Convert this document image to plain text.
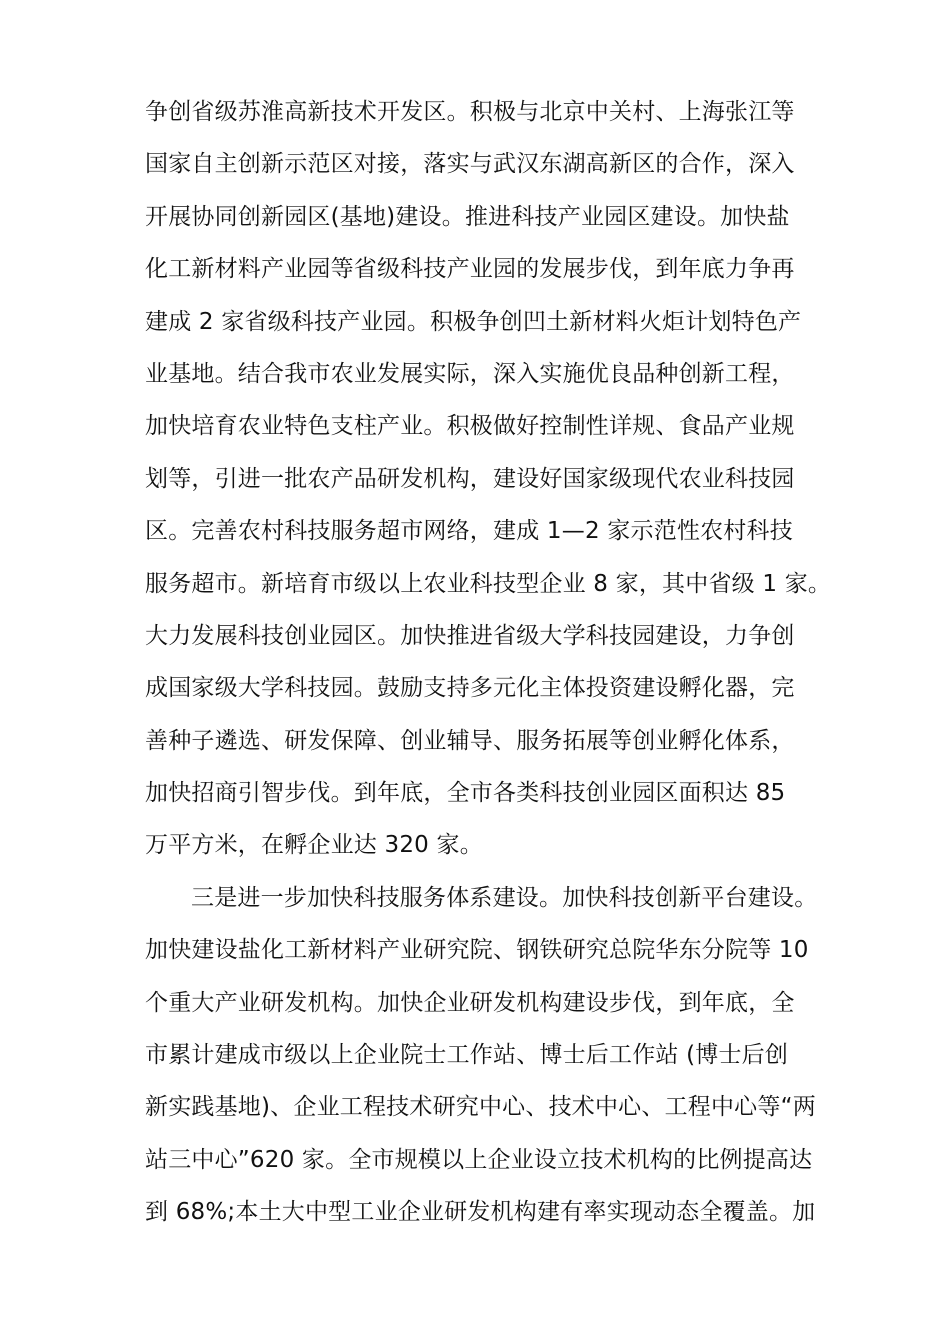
争创省级苏淮高新技术开发区。积极与北京中关村、上海张江等
国家自主创新示范区对接，落实与武汉东湖高新区的合作，深入
开展协同创新园区(基地)建设。推进科技产业园区建设。加快盐
化工新材料产业园等省级科技产业园的发展步伐，到年底力争再
建成 2 家省级科技产业园。积极争创凹土新材料火炬计划特色产
业基地。结合我市农业发展实际，深入实施优良品种创新工程，
加快培育农业特色支柱产业。积极做好控制性详规、食品产业规
划等，引进一批农产品研发机构，建设好国家级现代农业科技园
区。完善农村科技服务超市网络，建成 1—2 家示范性农村科技
服务超市。新培育市级以上农业科技型企业 8 家，其中省级 1 家。
大力发展科技创业园区。加快推进省级大学科技园建设，力争创
成国家级大学科技园。鼓励支持多元化主体投资建设孵化器，完
善种子遴选、研发保障、创业辅导、服务拓展等创业孵化体系，
加快招商引智步伐。到年底，全市各类科技创业园区面积达 85
万平方米，在孵企业达 320 家。
三是进一步加快科技服务体系建设。加快科技创新平台建设。
加快建设盐化工新材料产业研究院、钢铁研究总院华东分院等 10
个重大产业研发机构。加快企业研发机构建设步伐，到年底，全
市累计建成市级以上企业院士工作站、博士后工作站 (博士后创
新实践基地)、企业工程技术研究中心、技术中心、工程中心等“两
站三中心”620 家。全市规模以上企业设立技术机构的比例提高达
到 68%;本土大中型工业企业研发机构建有率实现动态全覆盖。加
